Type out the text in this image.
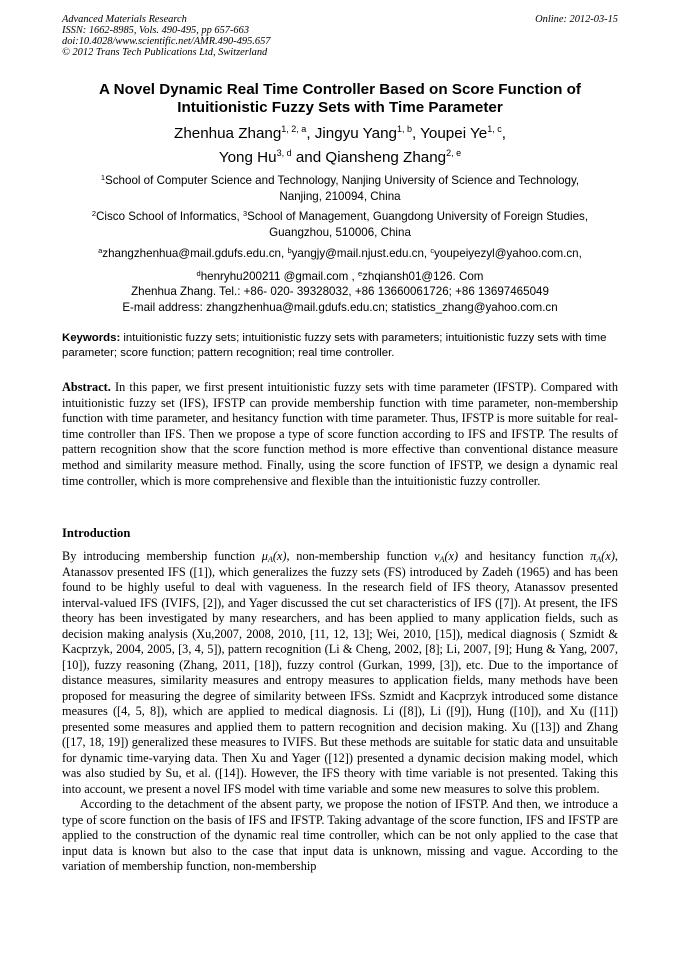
Advanced Materials Research
ISSN: 1662-8985, Vols. 490-495, pp 657-663
doi:10.4028/www.scientific.net/AMR.490-495.657
© 2012 Trans Tech Publications Ltd, Switzerland
Online: 2012-03-15
A Novel Dynamic Real Time Controller Based on Score Function of
Intuitionistic Fuzzy Sets with Time Parameter
Zhenhua Zhang$^{1, 2, a}$, Jingyu Yang$^{1, b}$, Youpei Ye$^{1, c}$,
Yong Hu$^{3, d}$ and Qiansheng Zhang$^{2, e}$
$^1$School of Computer Science and Technology, Nanjing University of Science and Technology,
Nanjing, 210094, China
$^2$Cisco School of Informatics, $^3$School of Management, Guangdong University of Foreign Studies,
Guangzhou, 510006, China
$^a$zhangzhenhua@mail.gdufs.edu.cn, $^b$yangjy@mail.njust.edu.cn, $^c$youpeiyezyl@yahoo.com.cn,
$^d$henryhu200211 @gmail.com , $^e$zhqiansh01@126. Com
Zhenhua Zhang. Tel.: +86- 020- 39328032, +86 13660061726; +86 13697465049
E-mail address: zhangzhenhua@mail.gdufs.edu.cn; statistics_zhang@yahoo.com.cn
Keywords: intuitionistic fuzzy sets; intuitionistic fuzzy sets with parameters; intuitionistic fuzzy sets with time parameter; score function; pattern recognition; real time controller.
Abstract. In this paper, we first present intuitionistic fuzzy sets with time parameter (IFSTP). Compared with intuitionistic fuzzy set (IFS), IFSTP can provide membership function with time parameter, non-membership function with time parameter, and hesitancy function with time parameter. Thus, IFSTP is more suitable for real-time controller than IFS. Then we propose a type of score function according to IFS and IFSTP. The results of pattern recognition show that the score function method is more effective than conventional distance measure method and similarity measure method. Finally, using the score function of IFSTP, we design a dynamic real time controller, which is more comprehensive and flexible than the intuitionistic fuzzy controller.
Introduction

By introducing membership function $\mu_A(x)$, non-membership function $v_A(x)$ and hesitancy function $\pi_A(x)$, Atanassov presented IFS ([1]), which generalizes the fuzzy sets (FS) introduced by Zadeh (1965) and has been found to be highly useful to deal with vagueness. In the research field of IFS theory, Atanassov presented interval-valued IFS (IVIFS, [2]), and Yager discussed the cut set characteristics of IFS ([7]). At present, the IFS theory has been investigated by many researchers, and has been applied to many application fields, such as decision making analysis (Xu,2007, 2008, 2010, [11, 12, 13]; Wei, 2010, [15]), medical diagnosis ( Szmidt & Kacprzyk, 2004, 2005, [3, 4, 5]), pattern recognition (Li & Cheng, 2002, [8]; Li, 2007, [9]; Hung & Yang, 2007, [10]), fuzzy reasoning (Zhang, 2011, [18]), fuzzy control (Gurkan, 1999, [3]), etc. Due to the importance of distance measures, similarity measures and entropy measures to application fields, many methods have been proposed for measuring the degree of similarity between IFSs. Szmidt and Kacprzyk introduced some distance measures ([4, 5, 8]), which are applied to medical diagnosis. Li ([8]), Li ([9]), Hung ([10]), and Xu ([11]) presented some measures and applied them to pattern recognition and decision making. Xu ([13]) and Zhang ([17, 18, 19]) generalized these measures to IVIFS. But these methods are suitable for static data and unsuitable for dynamic time-varying data. Then Xu and Yager ([12]) presented a dynamic decision making model, which was also studied by Su, et al. ([14]). However, the IFS theory with time variable is not presented. Taking this into account, we present a novel IFS model with time variable and some new measures to solve this problem.

According to the detachment of the absent party, we propose the notion of IFSTP. And then, we introduce a type of score function on the basis of IFS and IFSTP. Taking advantage of the score function, IFS and IFSTP are applied to the construction of the dynamic real time controller, which can be not only applied to the case that input data is known but also to the case that input data is unknown, missing and vague. According to the variation of membership function, non-membership
